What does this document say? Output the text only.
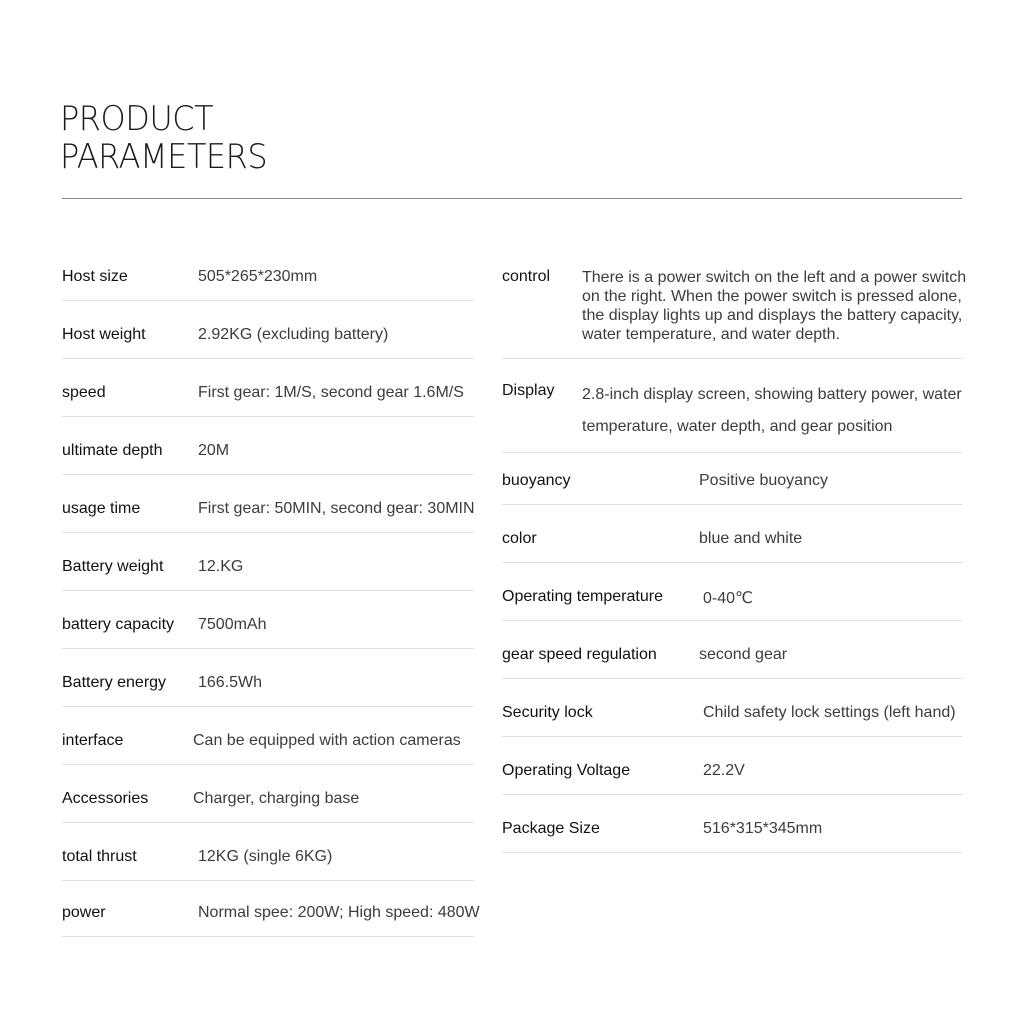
PRODUCT
PARAMETERS
Host size	505*265*230mm
Host weight	2.92KG (excluding battery)
speed	First gear: 1M/S, second gear 1.6M/S
ultimate depth 20M
usage time	First gear: 50MIN, second gear: 30MIN
Battery weight 12.KG
battery capacity 7500mAh
Battery energy 166.5Wh
interface	Can be equipped with action cameras
Accessories	Charger, charging base
total thrust	12KG (single 6KG)
power	Normal spee: 200W; High speed: 480W
control There is a power switch on the left and a power switch on the right. When the power switch is pressed alone, the display lights up and displays the battery capacity, water temperature, and water depth.
Display 2.8-inch display screen, showing battery power, water temperature, water depth, and gear position
buoyancy	Positive buoyancy
color	blue and white
Operating temperature	0-40℃
gear speed regulation	second gear
Security lock	Child safety lock settings (left hand)
Operating Voltage	22.2V
Package Size	516*315*345mm
